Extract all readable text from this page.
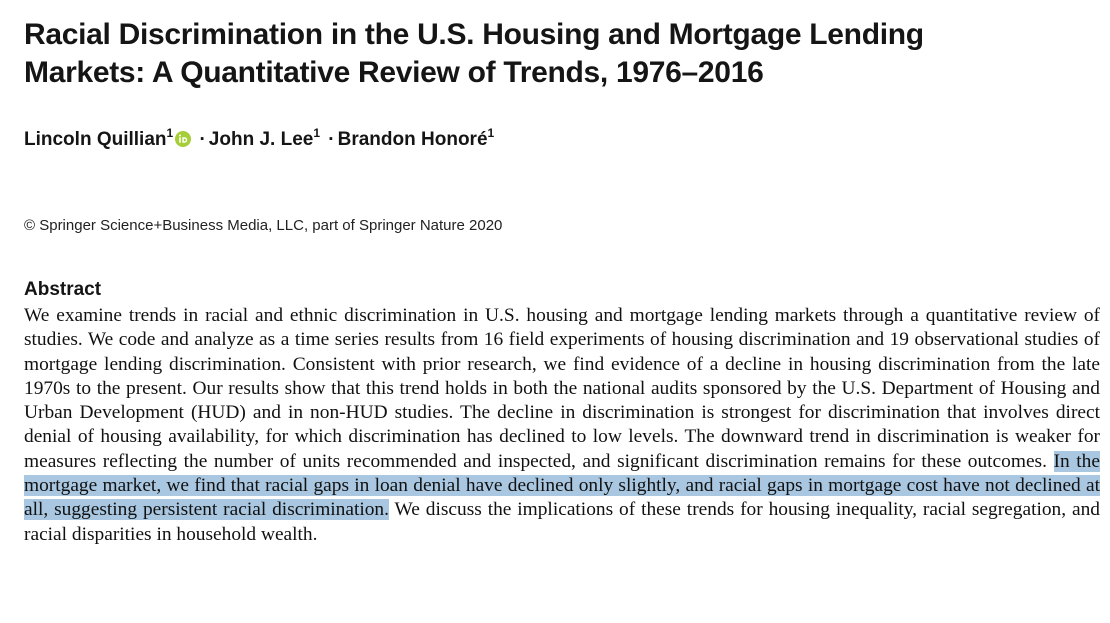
Racial Discrimination in the U.S. Housing and Mortgage Lending Markets: A Quantitative Review of Trends, 1976–2016
Lincoln Quillian$^1$ · John J. Lee$^1$ · Brandon Honoré$^1$
© Springer Science+Business Media, LLC, part of Springer Nature 2020
Abstract

We examine trends in racial and ethnic discrimination in U.S. housing and mortgage lending markets through a quantitative review of studies. We code and analyze as a time series results from 16 field experiments of housing discrimination and 19 observational studies of mortgage lending discrimination. Consistent with prior research, we find evidence of a decline in housing discrimination from the late 1970s to the present. Our results show that this trend holds in both the national audits sponsored by the U.S. Department of Housing and Urban Development (HUD) and in non-HUD studies. The decline in discrimination is strongest for discrimination that involves direct denial of housing availability, for which discrimination has declined to low levels. The downward trend in discrimination is weaker for measures reflecting the number of units recommended and inspected, and significant discrimination remains for these outcomes. In the mortgage market, we find that racial gaps in loan denial have declined only slightly, and racial gaps in mortgage cost have not declined at all, suggesting persistent racial discrimination. We discuss the implications of these trends for housing inequality, racial segregation, and racial disparities in household wealth.
